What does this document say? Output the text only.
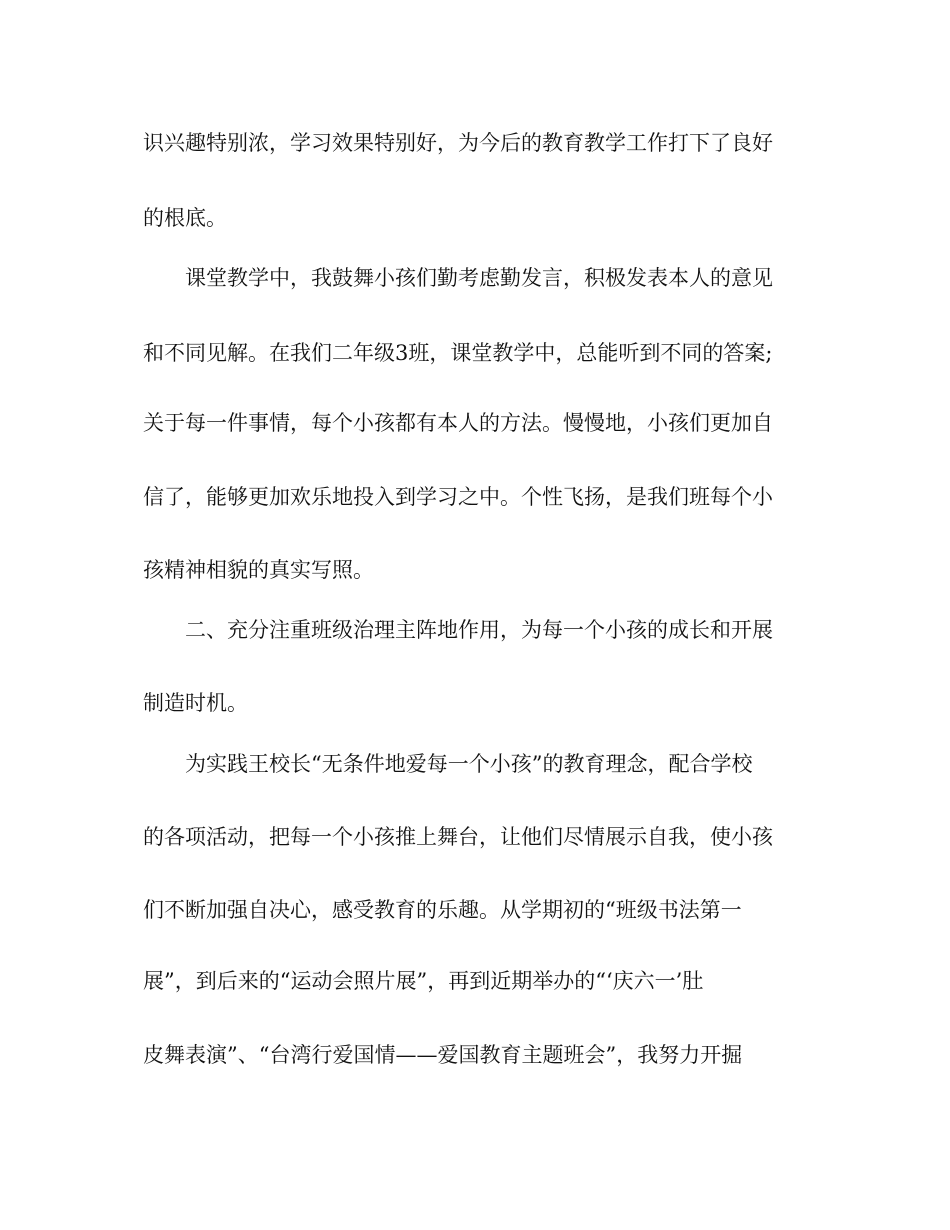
识兴趣特别浓，学习效果特别好，为今后的教育教学工作打下了良好
的根底。
课堂教学中，我鼓舞小孩们勤考虑勤发言，积极发表本人的意见
和不同见解。在我们二年级3班，课堂教学中，总能听到不同的答案;
关于每一件事情，每个小孩都有本人的方法。慢慢地，小孩们更加自
信了，能够更加欢乐地投入到学习之中。个性飞扬，是我们班每个小
孩精神相貌的真实写照。
二、充分注重班级治理主阵地作用，为每一个小孩的成长和开展
制造时机。
为实践王校长“无条件地爱每一个小孩”的教育理念，配合学校
的各项活动，把每一个小孩推上舞台，让他们尽情展示自我，使小孩
们不断加强自决心，感受教育的乐趣。从学期初的“班级书法第一
展”，到后来的“运动会照片展”，再到近期举办的“‘庆六一’肚
皮舞表演”、“台湾行爱国情——爱国教育主题班会”，我努力开掘
